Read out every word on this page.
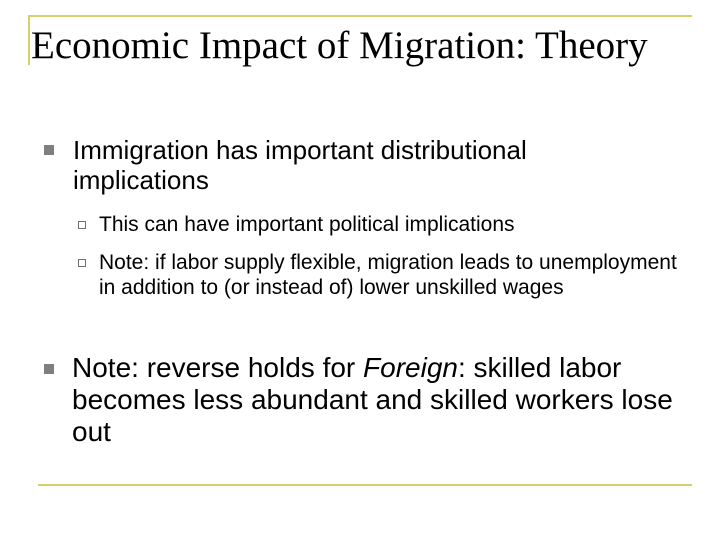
Economic Impact of Migration: Theory

Immigration has important distributional implications

This can have important political implications

Note: if labor supply flexible, migration leads to unemployment in addition to (or instead of) lower unskilled wages

Note: reverse holds for Foreign: skilled labor becomes less abundant and skilled workers lose out
